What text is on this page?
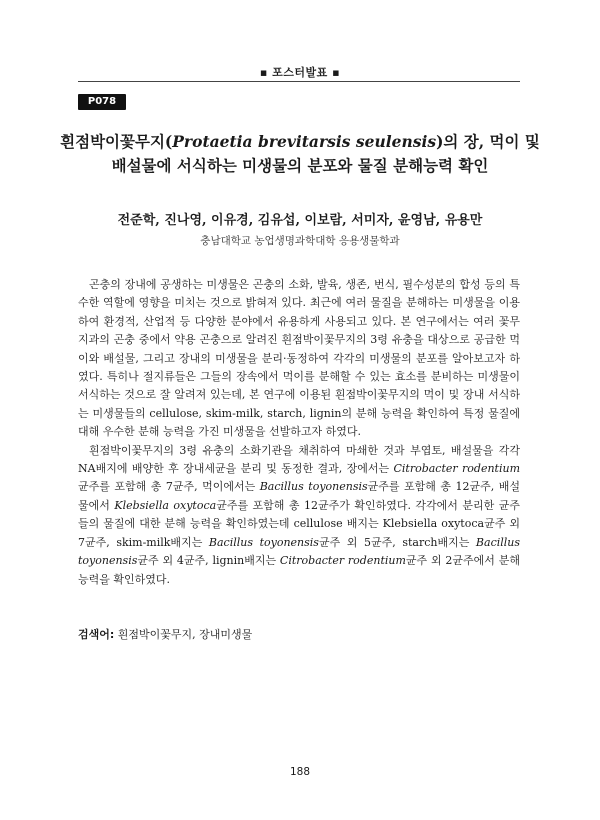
▪ 포스터발표 ▪
P078
흰점박이꽃무지(Protaetia brevitarsis seulensis)의 장, 먹이 및 배설물에 서식하는 미생물의 분포와 물질 분해능력 확인
전준학, 진나영, 이유경, 김유섭, 이보람, 서미자, 윤영남, 유용만
충남대학교 농업생명과학대학 응용생물학과

곤충의 장내에 공생하는 미생물은 곤충의 소화, 발육, 생존, 번식, 필수성분의 합성 등의 특수한 역할에 영향을 미치는 것으로 밝혀져 있다. 최근에 여러 물질을 분해하는 미생물을 이용하여 환경적, 산업적 등 다양한 분야에서 유용하게 사용되고 있다. 본 연구에서는 여러 꽃무지과의 곤충 중에서 약용 곤충으로 알려진 흰점박이꽃무지의 3령 유충을 대상으로 공급한 먹이와 배설물, 그리고 장내의 미생물을 분리·동정하여 각각의 미생물의 분포를 알아보고자 하였다. 특히나 절지류들은 그들의 장속에서 먹이를 분해할 수 있는 효소를 분비하는 미생물이 서식하는 것으로 잘 알려져 있는데, 본 연구에 이용된 흰점박이꽃무지의 먹이 및 장내 서식하는 미생물들의 cellulose, skim-milk, starch, lignin의 분해 능력을 확인하여 특정 물질에 대해 우수한 분해 능력을 가진 미생물을 선발하고자 하였다.

흰점박이꽃무지의 3령 유충의 소화기관을 채취하여 마쇄한 것과 부엽토, 배설물을 각각 NA배지에 배양한 후 장내세균을 분리 및 동정한 결과, 장에서는 Citrobacter rodentium균주를 포함해 총 7균주, 먹이에서는 Bacillus toyonensis균주를 포함해 총 12균주, 배설물에서 Klebsiella oxytoca균주를 포함해 총 12균주가 확인하였다. 각각에서 분리한 균주들의 물질에 대한 분해 능력을 확인하였는데 cellulose 배지는 Klebsiella oxytoca균주 외 7균주, skim-milk배지는 Bacillus toyonensis균주 외 5균주, starch배지는 Bacillus toyonensis균주 외 4균주, lignin배지는 Citrobacter rodentium균주 외 2균주에서 분해 능력을 확인하였다.

검색어: 흰점박이꽃무지, 장내미생물
188
